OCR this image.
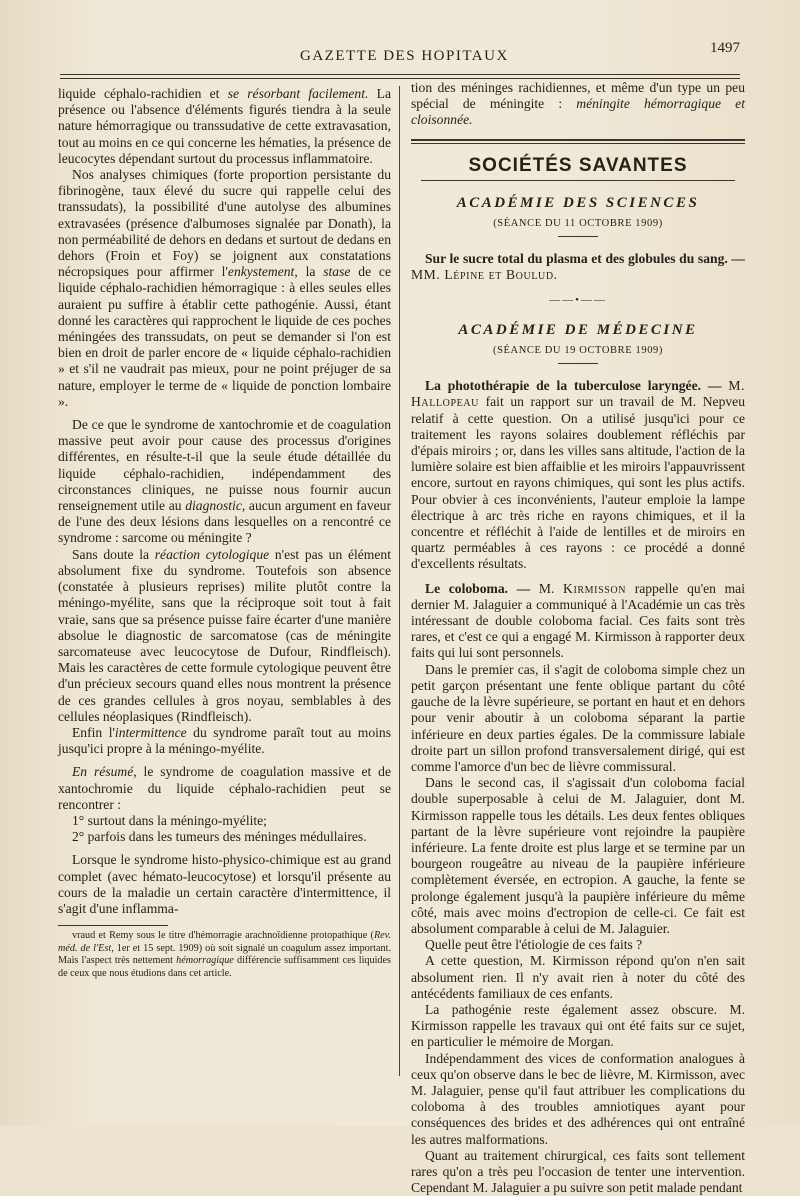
GAZETTE DES HOPITAUX	1497

liquide céphalo-rachidien et se résorbant facilement. La présence ou l'absence d'éléments figurés tiendra à la seule nature hémorragique ou transsudative de cette extravasation, tout au moins en ce qui concerne les hématies, la présence de leucocytes dépendant surtout du processus inflammatoire.

Nos analyses chimiques (forte proportion persistante du fibrinogène, taux élevé du sucre qui rappelle celui des transsudats), la possibilité d'une autolyse des albumines extravasées (présence d'albumoses signalée par Donath), la non perméabilité de dehors en dedans et surtout de dedans en dehors (Froin et Foy) se joignent aux constatations nécropsiques pour affirmer l'enkystement, la stase de ce liquide céphalo-rachidien hémorragique : à elles seules elles auraient pu suffire à établir cette pathogénie. Aussi, étant donné les caractères qui rapprochent le liquide de ces poches méningées des transsudats, on peut se demander si l'on est bien en droit de parler encore de « liquide céphalo-rachidien » et s'il ne vaudrait pas mieux, pour ne point préjuger de sa nature, employer le terme de « liquide de ponction lombaire ».

De ce que le syndrome de xantochromie et de coagulation massive peut avoir pour cause des processus d'origines différentes, en résulte-t-il que la seule étude détaillée du liquide céphalo-rachidien, indépendamment des circonstances cliniques, ne puisse nous fournir aucun renseignement utile au diagnostic, aucun argument en faveur de l'une des deux lésions dans lesquelles on a rencontré ce syndrome : sarcome ou méningite ?

Sans doute la réaction cytologique n'est pas un élément absolument fixe du syndrome. Toutefois son absence (constatée à plusieurs reprises) milite plutôt contre la méningo-myélite, sans que la réciproque soit tout à fait vraie, sans que sa présence puisse faire écarter d'une manière absolue le diagnostic de sarcomatose (cas de méningite sarcomateuse avec leucocytose de Dufour, Rindfleisch). Mais les caractères de cette formule cytologique peuvent être d'un précieux secours quand elles nous montrent la présence de ces grandes cellules à gros noyau, semblables à des cellules néoplasiques (Rindfleisch).

Enfin l'intermittence du syndrome paraît tout au moins jusqu'ici propre à la méningo-myélite.

En résumé, le syndrome de coagulation massive et de xantochromie du liquide céphalo-rachidien peut se rencontrer :

1° surtout dans la méningo-myélite;

2° parfois dans les tumeurs des méninges médullaires.

Lorsque le syndrome histo-physico-chimique est au grand complet (avec hémato-leucocytose) et lorsqu'il présente au cours de la maladie un certain caractère d'intermittence, il s'agit d'une inflamma-

vraud et Remy sous le titre d'hémorragie arachnoïdienne protopathique (Rev. méd. de l'Est, 1er et 15 sept. 1909) où soit signalé un coagulum assez important. Mais l'aspect très nettement hémorragique différencie suffisamment ces liquides de ceux que nous étudions dans cet article.

tion des méninges rachidiennes, et même d'un type un peu spécial de méningite : méningite hémorragique et cloisonnée.

SOCIÉTÉS SAVANTES
ACADÉMIE DES SCIENCES
(SÉANCE DU 11 OCTOBRE 1909)

Sur le sucre total du plasma et des globules du sang. — MM. Lépine et Boulud.

——•——
ACADÉMIE DE MÉDECINE
(SÉANCE DU 19 OCTOBRE 1909)

La photothérapie de la tuberculose laryngée. — M. Hallopeau fait un rapport sur un travail de M. Nepveu relatif à cette question. On a utilisé jusqu'ici pour ce traitement les rayons solaires doublement réfléchis par d'épais miroirs ; or, dans les villes sans altitude, l'action de la lumière solaire est bien affaiblie et les miroirs l'appauvrissent encore, surtout en rayons chimiques, qui sont les plus actifs. Pour obvier à ces inconvénients, l'auteur emploie la lampe électrique à arc très riche en rayons chimiques, et il la concentre et réfléchit à l'aide de lentilles et de miroirs en quartz perméables à ces rayons : ce procédé a donné d'excellents résultats.

Le coloboma. — M. Kirmisson rappelle qu'en mai dernier M. Jalaguier a communiqué à l'Académie un cas très intéressant de double coloboma facial. Ces faits sont très rares, et c'est ce qui a engagé M. Kirmisson à rapporter deux faits qui lui sont personnels.

Dans le premier cas, il s'agit de coloboma simple chez un petit garçon présentant une fente oblique partant du côté gauche de la lèvre supérieure, se portant en haut et en dehors pour venir aboutir à un coloboma séparant la partie inférieure en deux parties égales. De la commissure labiale droite part un sillon profond transversalement dirigé, qui est comme l'amorce d'un bec de lièvre commissural.

Dans le second cas, il s'agissait d'un coloboma facial double superposable à celui de M. Jalaguier, dont M. Kirmisson rappelle tous les détails. Les deux fentes obliques partant de la lèvre supérieure vont rejoindre la paupière inférieure. La fente droite est plus large et se termine par un bourgeon rougeâtre au niveau de la paupière inférieure complètement éversée, en ectropion. A gauche, la fente se prolonge également jusqu'à la paupière inférieure du même côté, mais avec moins d'ectropion de celle-ci. Ce fait est absolument comparable à celui de M. Jalaguier.

Quelle peut être l'étiologie de ces faits ?

A cette question, M. Kirmisson répond qu'on n'en sait absolument rien. Il n'y avait rien à noter du côté des antécédents familiaux de ces enfants.

La pathogénie reste également assez obscure. M. Kirmisson rappelle les travaux qui ont été faits sur ce sujet, en particulier le mémoire de Morgan.

Indépendamment des vices de conformation analogues à ceux qu'on observe dans le bec de lièvre, M. Kirmisson, avec M. Jalaguier, pense qu'il faut attribuer les complications du coloboma à des troubles amniotiques ayant pour conséquences des brides et des adhérences qui ont entraîné les autres malformations.

Quant au traitement chirurgical, ces faits sont tellement rares qu'on a très peu l'occasion de tenter une intervention. Cependant M. Jalaguier a pu suivre son petit malade pendant
